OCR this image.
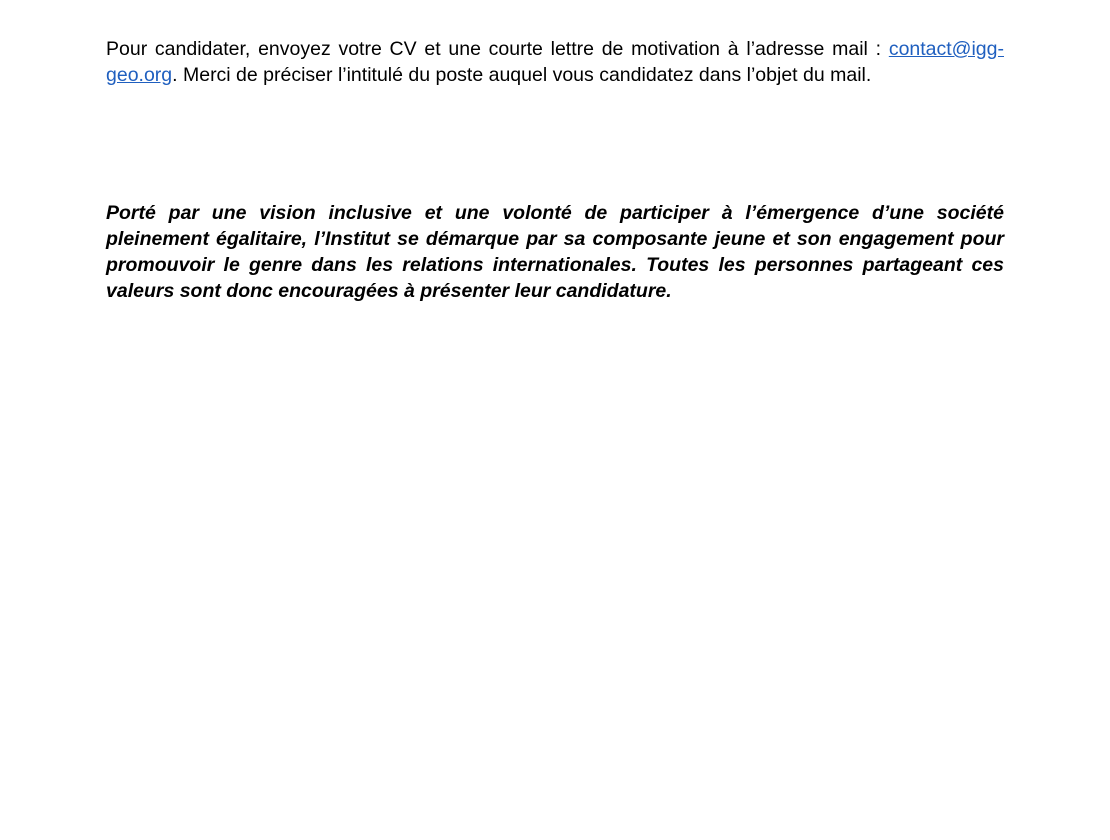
Pour candidater, envoyez votre CV et une courte lettre de motivation à l’adresse mail : contact@igg-geo.org. Merci de préciser l’intitulé du poste auquel vous candidatez dans l’objet du mail.

Porté par une vision inclusive et une volonté de participer à l’émergence d’une société pleinement égalitaire, l’Institut se démarque par sa composante jeune et son engagement pour promouvoir le genre dans les relations internationales. Toutes les personnes partageant ces valeurs sont donc encouragées à présenter leur candidature.
